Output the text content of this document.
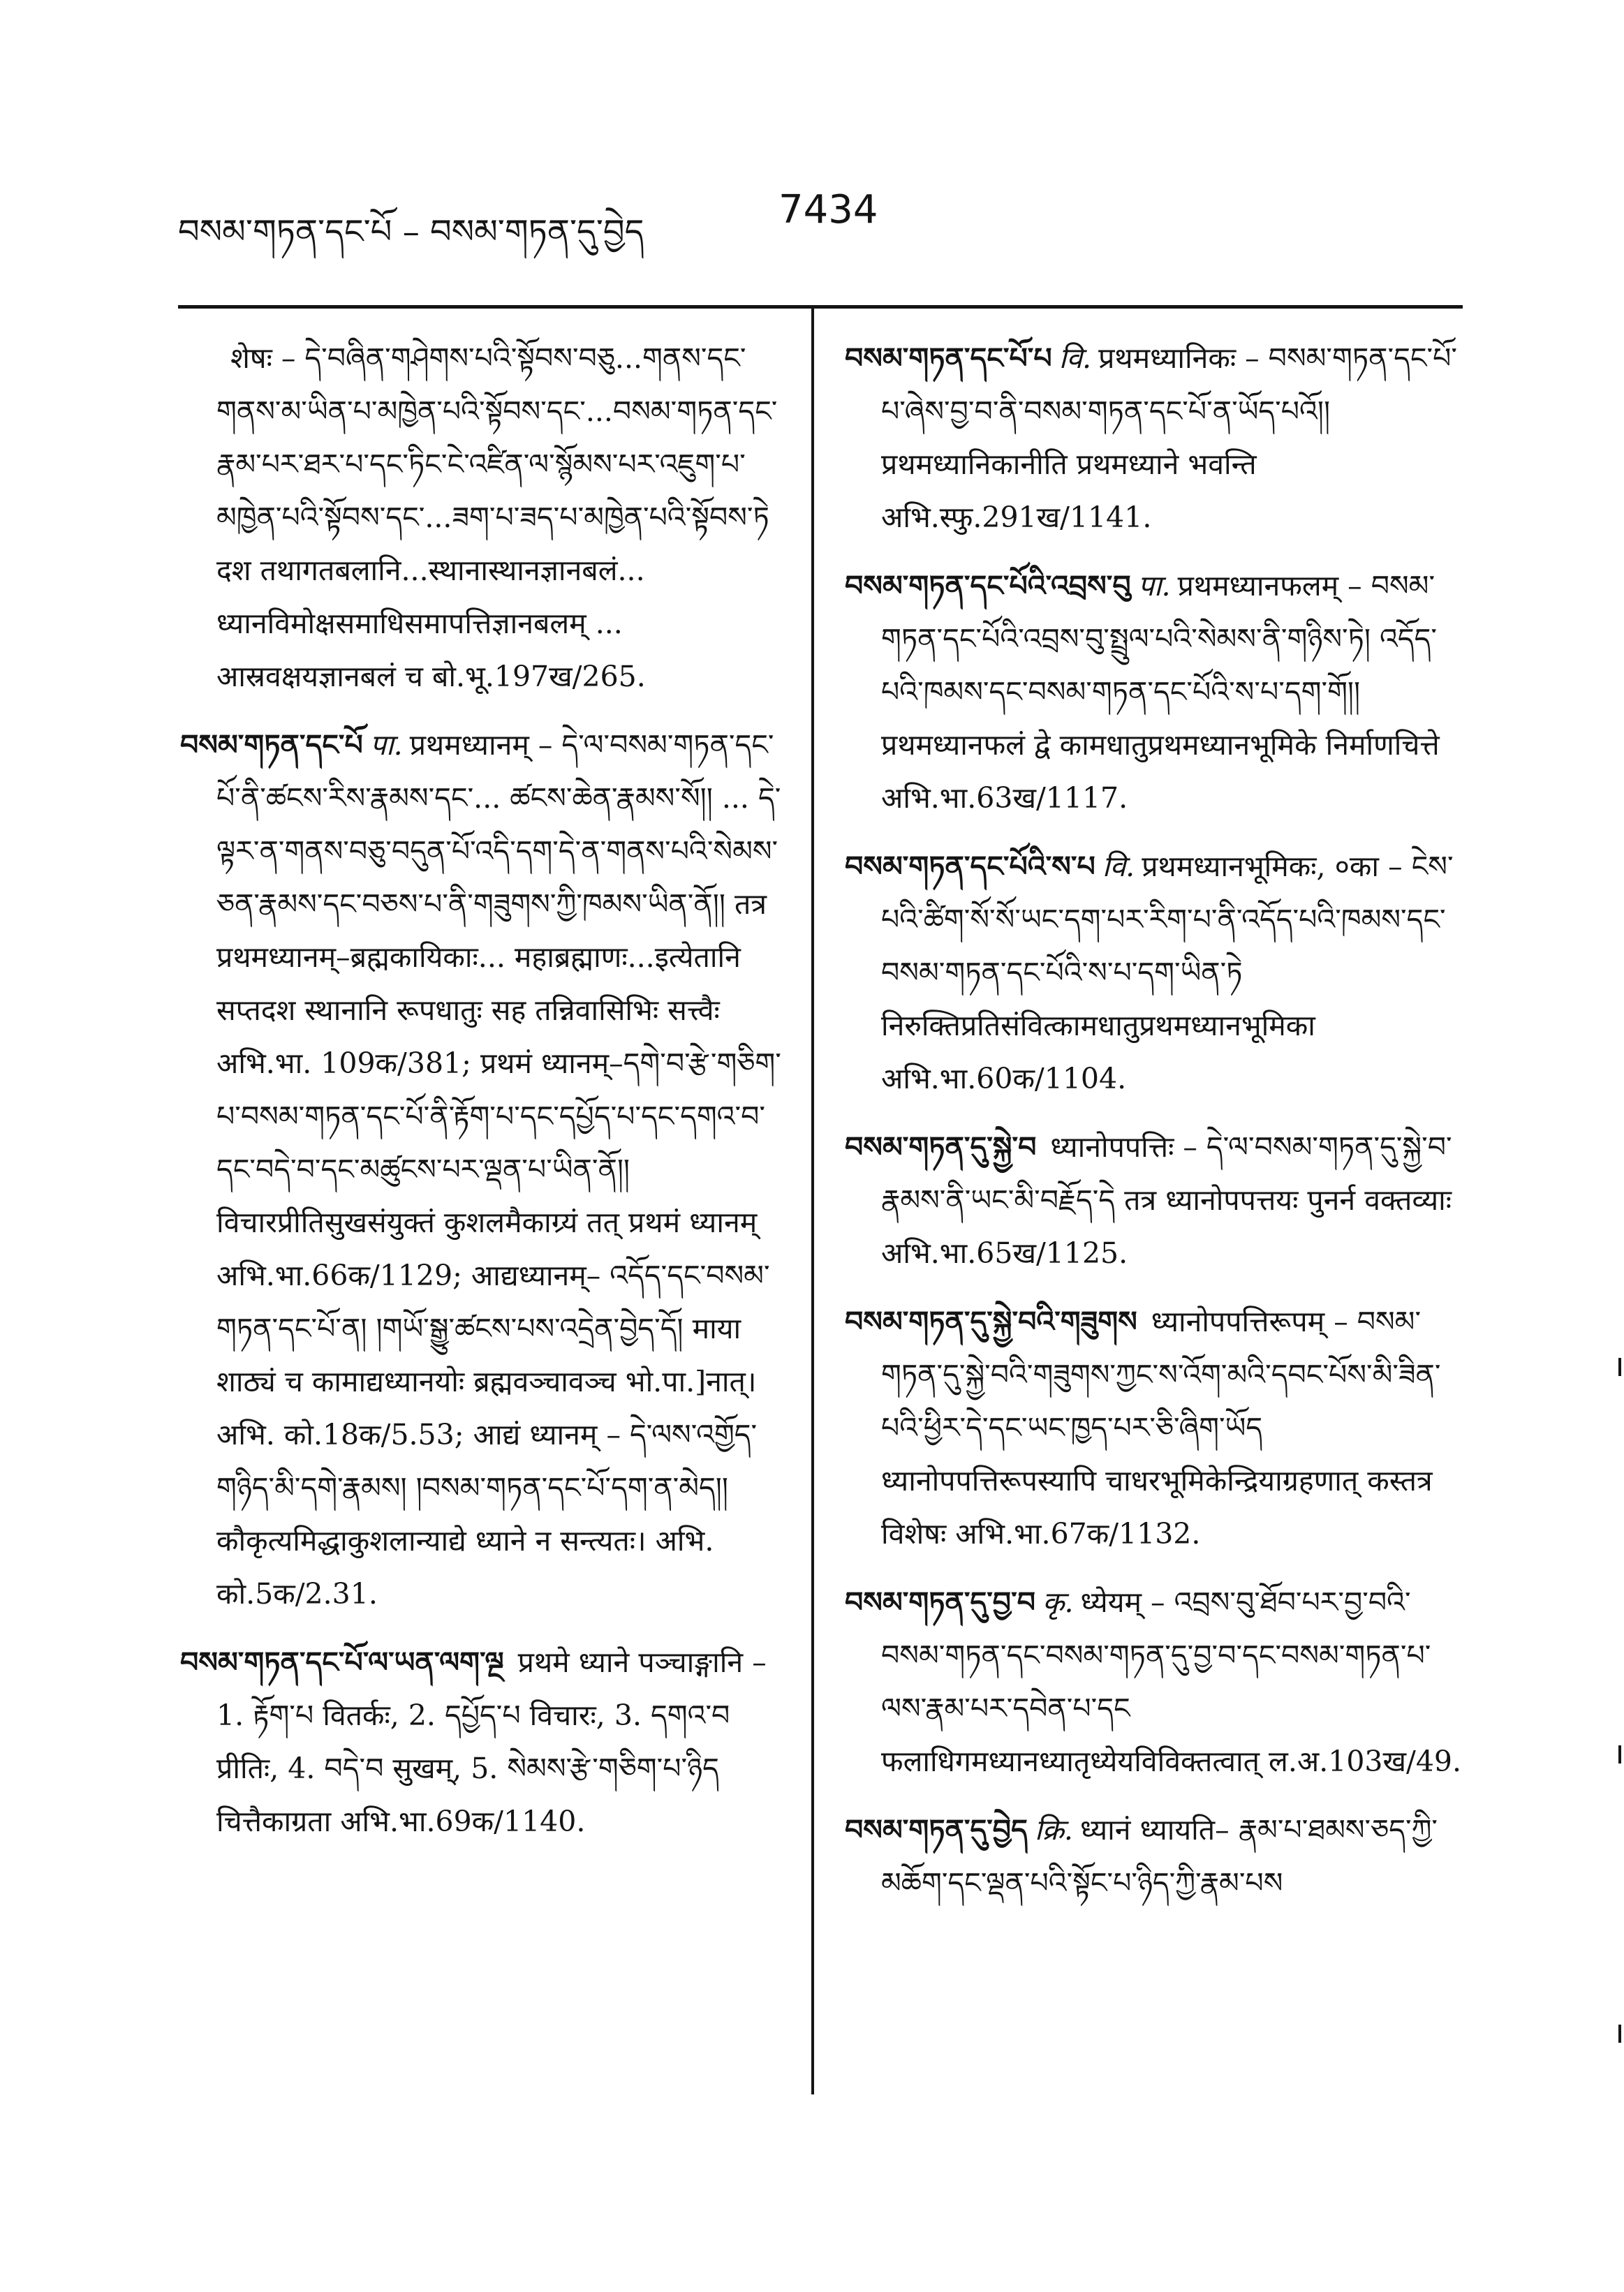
བསམ་གཏན་དང་པོ – བསམ་གཏན་དུ་བྱེད	7434
शेषः – དེ་བཞིན་གཤེགས་པའི་སྟོབས་བཅུ...གནས་དང་གནས་མ་ཡིན་པ་མཁྱེན་པའི་སྟོབས་དང་...བསམ་གཏན་དང་རྣམ་པར་ཐར་པ་དང་ཏིང་ངེ་འཛིན་ལ་སྙོམས་པར་འཇུག་པ་མཁྱེན་པའི་སྟོབས་དང་...ཟག་པ་ཟད་པ་མཁྱེན་པའི་སྟོབས་ཏེ दश तथागतबलानि...स्थानास्थानज्ञानबलं... ध्यानविमोक्षसमाधिसमापत्तिज्ञानबलम् ... आस्रवक्षयज्ञानबलं च बो.भू.197ख/265.
བསམ་གཏན་དང་པོ पा. प्रथमध्यानम् – དེ་ལ་བསམ་གཏན་དང་པོ་ནི་ཚངས་རིས་རྣམས་དང་... ཚངས་ཆེན་རྣམས་སོ།། ... དེ་ལྟར་ན་གནས་བཅུ་བདུན་པོ་འདི་དག་དེ་ན་གནས་པའི་སེམས་ཅན་རྣམས་དང་བཅས་པ་ནི་གཟུགས་ཀྱི་ཁམས་ཡིན་ནོ།། तत्र प्रथमध्यानम्–ब्रह्मकायिकाः... महाब्रह्माणः...इत्येतानि सप्तदश स्थानानि रूपधातुः सह तन्निवासिभिः सत्त्वैः अभि.भा. 109क/381; प्रथमं ध्यानम्–དགེ་བ་རྩེ་གཅིག་པ་བསམ་གཏན་དང་པོ་ནི་རྟོག་པ་དང་དཔྱོད་པ་དང་དགའ་བ་དང་བདེ་བ་དང་མཚུངས་པར་ལྡན་པ་ཡིན་ནོ།། विचारप्रीतिसुखसंयुक्तं कुशलमैकाग्र्यं तत् प्रथमं ध्यानम् अभि.भा.66क/1129; आद्यध्यानम्– འདོད་དང་བསམ་གཏན་དང་པོ་ན། །གཡོ་སྒྱུ་ཚངས་པས་འདྲེན་བྱེད་དོ། माया शाठ्यं च कामाद्यध्यानयोः ब्रह्मवञ्चावञ्च भो.पा.]नात्। अभि. को.18क/5.53; आद्यं ध्यानम् – དེ་ལས་འགྱོད་གཉིད་མི་དགེ་རྣམས། །བསམ་གཏན་དང་པོ་དག་ན་མེད།། कौकृत्यमिद्धाकुशलान्याद्ये ध्याने न सन्त्यतः। अभि. को.5क/2.31.
བསམ་གཏན་དང་པོ་ལ་ཡན་ལག་ལྔ प्रथमे ध्याने पञ्चाङ्गानि – 1. རྟོག་པ वितर्कः, 2. དཔྱོད་པ विचारः, 3. དགའ་བ प्रीतिः, 4. བདེ་བ सुखम्, 5. སེམས་རྩེ་གཅིག་པ་ཉིད चित्तैकाग्रता अभि.भा.69क/1140.
བསམ་གཏན་དང་པོ་པ वि. प्रथमध्यानिकः – བསམ་གཏན་དང་པོ་པ་ཞེས་བྱ་བ་ནི་བསམ་གཏན་དང་པོ་ན་ཡོད་པའོ།། प्रथमध्यानिकानीति प्रथमध्याने भवन्ति अभि.स्फु.291ख/1141.
བསམ་གཏན་དང་པོའི་འབྲས་བུ पा. प्रथमध्यानफलम् – བསམ་གཏན་དང་པོའི་འབྲས་བུ་སྤྲུལ་པའི་སེམས་ནི་གཉིས་ཏེ། འདོད་པའི་ཁམས་དང་བསམ་གཏན་དང་པོའི་ས་པ་དག་གོ།། प्रथमध्यानफलं द्वे कामधातुप्रथमध्यानभूमिके निर्माणचित्ते अभि.भा.63ख/1117.
བསམ་གཏན་དང་པོའི་ས་པ वि. प्रथमध्यानभूमिकः, ०का – ངེས་པའི་ཚིག་སོ་སོ་ཡང་དག་པར་རིག་པ་ནི་འདོད་པའི་ཁམས་དང་བསམ་གཏན་དང་པོའི་ས་པ་དག་ཡིན་ཏེ निरुक्तिप्रतिसंवित्कामधातुप्रथमध्यानभूमिका अभि.भा.60क/1104.
བསམ་གཏན་དུ་སྐྱེ་བ ध्यानोपपत्तिः – དེ་ལ་བསམ་གཏན་དུ་སྐྱེ་བ་རྣམས་ནི་ཡང་མི་བརྗོད་དེ तत्र ध्यानोपपत्तयः पुनर्न वक्तव्याः अभि.भा.65ख/1125.
བསམ་གཏན་དུ་སྐྱེ་བའི་གཟུགས ध्यानोपपत्तिरूपम् – བསམ་གཏན་དུ་སྐྱེ་བའི་གཟུགས་ཀྱང་ས་འོག་མའི་དབང་པོས་མི་ཟིན་པའི་ཕྱིར་དེ་དང་ཡང་ཁྱད་པར་ཅི་ཞིག་ཡོད ध्यानोपपत्तिरूपस्यापि चाधरभूमिकेन्द्रियाग्रहणात् कस्तत्र विशेषः अभि.भा.67क/1132.
བསམ་གཏན་དུ་བྱ་བ कृ. ध्येयम् – འབྲས་བུ་ཐོབ་པར་བྱ་བའི་བསམ་གཏན་དང་བསམ་གཏན་དུ་བྱ་བ་དང་བསམ་གཏན་པ་ལས་རྣམ་པར་དབེན་པ་དང फलाधिगमध्यानध्यातृध्येयविविक्तत्वात् ल.अ.103ख/49.
བསམ་གཏན་དུ་བྱེད क्रि. ध्यानं ध्यायति– རྣམ་པ་ཐམས་ཅད་ཀྱི་མཆོག་དང་ལྡན་པའི་སྟོང་པ་ཉིད་ཀྱི་རྣམ་པས
